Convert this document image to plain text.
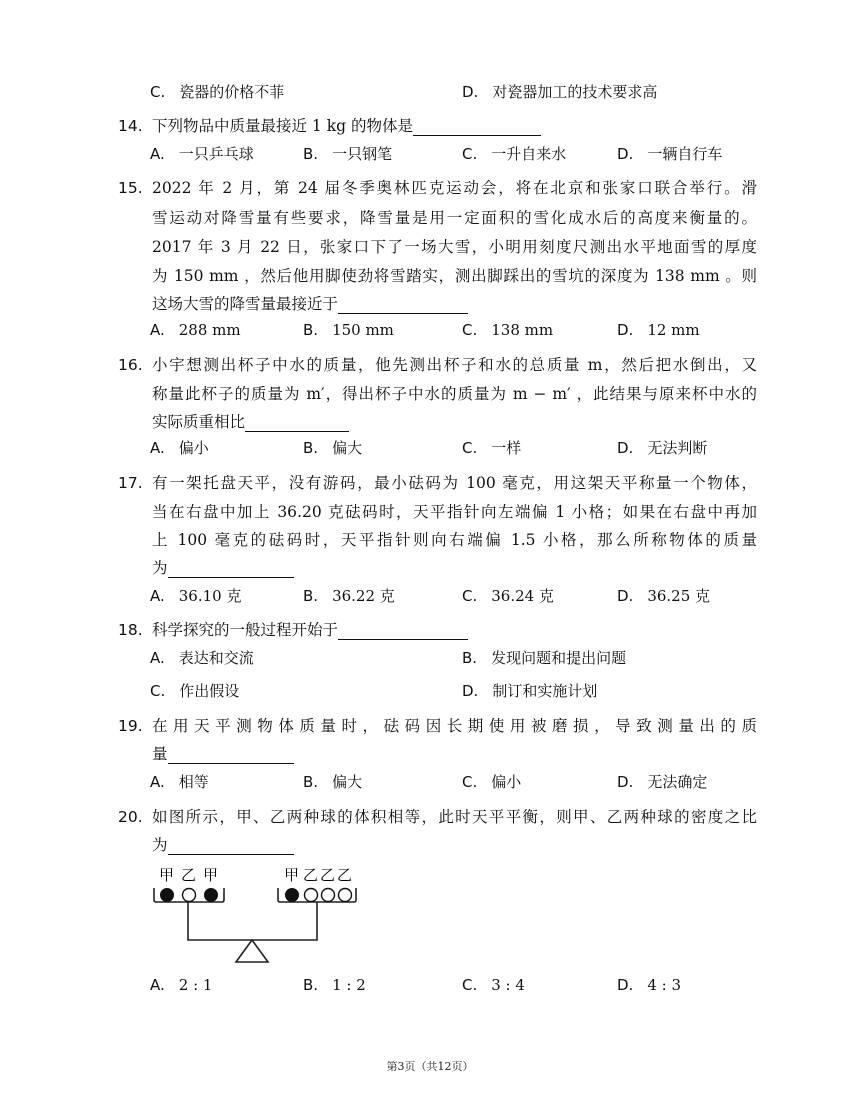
C. 瓷器的价格不菲	D. 对瓷器加工的技术要求高
14. 下列物品中质量最接近 1 kg 的物体是
A. 一只乒乓球	B. 一只钢笔	C. 一升自来水	D. 一辆自行车
15. 2022 年 2 月，第 24 届冬季奥林匹克运动会，将在北京和张家口联合举行。滑
雪运动对降雪量有些要求，降雪量是用一定面积的雪化成水后的高度来衡量的。
2017 年 3 月 22 日，张家口下了一场大雪，小明用刻度尺测出水平地面雪的厚度
为 150 mm ，然后他用脚使劲将雪踏实，测出脚踩出的雪坑的深度为 138 mm 。则
这场大雪的降雪量最接近于
A. 288 mm	B. 150 mm	C. 138 mm	D. 12 mm
16. 小宇想测出杯子中水的质量，他先测出杯子和水的总质量 m，然后把水倒出，又
称量此杯子的质量为 m′，得出杯子中水的质量为 m − m′ ，此结果与原来杯中水的
实际质重相比
A. 偏小	B. 偏大	C. 一样	D. 无法判断
17. 有一架托盘天平，没有游码，最小砝码为 100 毫克，用这架天平称量一个物体，
当在右盘中加上 36.20 克砝码时，天平指针向左端偏 1 小格；如果在右盘中再加
上 100 毫克的砝码时，天平指针则向右端偏 1.5 小格，那么所称物体的质量
为
A. 36.10 克	B. 36.22 克	C. 36.24 克	D. 36.25 克
18. 科学探究的一般过程开始于
A. 表达和交流	B. 发现问题和提出问题
C. 作出假设	D. 制订和实施计划
19. 在用天平测物体质量时，砝码因长期使用被磨损，导致测量出的质
量
A. 相等	B. 偏大	C. 偏小	D. 无法确定
20. 如图所示，甲、乙两种球的体积相等，此时天平平衡，则甲、乙两种球的密度之比
为
甲 乙 甲	甲 乙 乙 乙
A. 2 : 1	B. 1 : 2	C. 3 : 4	D. 4 : 3
第3页（共12页）
